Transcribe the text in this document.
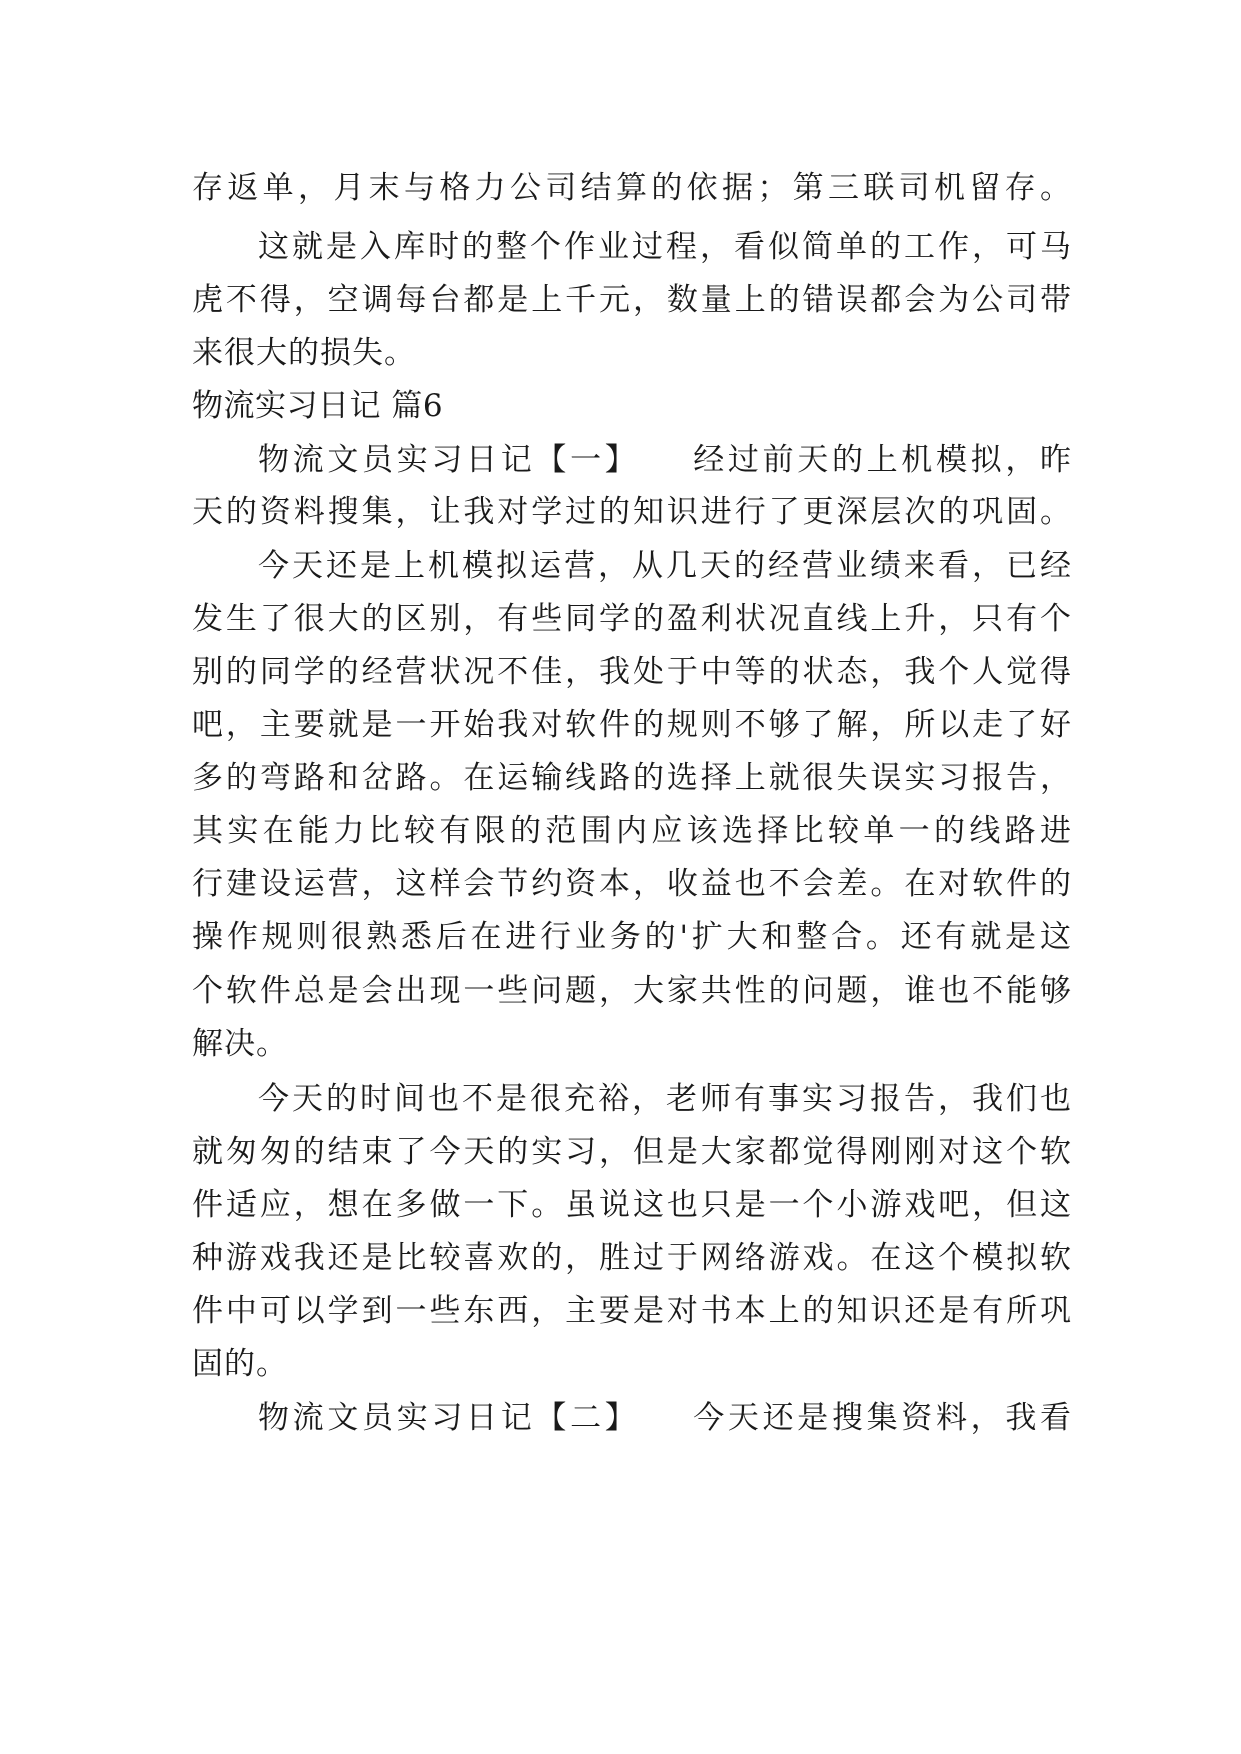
存返单，月末与格力公司结算的依据；第三联司机留存。
这就是入库时的整个作业过程，看似简单的工作，可马
虎不得，空调每台都是上千元，数量上的错误都会为公司带
来很大的损失。
物流实习日记 篇6
物流文员实习日记【一】　　经过前天的上机模拟，昨
天的资料搜集，让我对学过的知识进行了更深层次的巩固。
今天还是上机模拟运营，从几天的经营业绩来看，已经
发生了很大的区别，有些同学的盈利状况直线上升，只有个
别的同学的经营状况不佳，我处于中等的状态，我个人觉得
吧，主要就是一开始我对软件的规则不够了解，所以走了好
多的弯路和岔路。在运输线路的选择上就很失误实习报告，
其实在能力比较有限的范围内应该选择比较单一的线路进
行建设运营，这样会节约资本，收益也不会差。在对软件的
操作规则很熟悉后在进行业务的'扩大和整合。还有就是这
个软件总是会出现一些问题，大家共性的问题，谁也不能够
解决。
今天的时间也不是很充裕，老师有事实习报告，我们也
就匆匆的结束了今天的实习，但是大家都觉得刚刚对这个软
件适应，想在多做一下。虽说这也只是一个小游戏吧，但这
种游戏我还是比较喜欢的，胜过于网络游戏。在这个模拟软
件中可以学到一些东西，主要是对书本上的知识还是有所巩
固的。
物流文员实习日记【二】　　今天还是搜集资料，我看
